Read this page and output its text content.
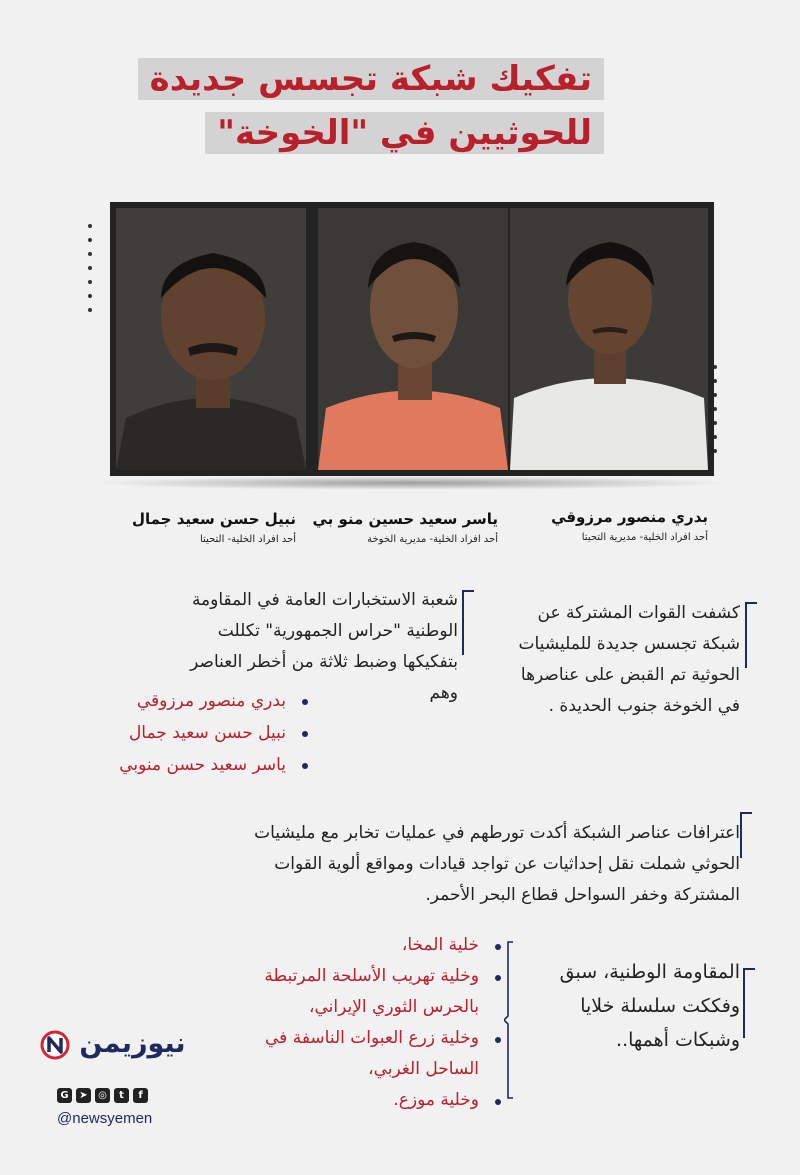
تفكيك شبكة تجسس جديدة
للحوثيين في "الخوخة"
بدري منصور مرزوقي
أحد افراد الخلية- مديرية التحيتا
ياسر سعيد حسين منو بي
أحد افراد الخلية- مديرية الخوخة
نبيل حسن سعيد جمال
أحد افراد الخلية- التحيتا
كشفت القوات المشتركة عن شبكة تجسس جديدة للمليشيات الحوثية تم القبض على عناصرها في الخوخة جنوب الحديدة .
شعبة الاستخبارات العامة في المقاومة الوطنية "حراس الجمهورية" تكللت بتفكيكها وضبط ثلاثة من أخطر العناصر وهم
بدري منصور مرزوقي
نبيل حسن سعيد جمال
ياسر سعيد حسن منوبي
اعترافات عناصر الشبكة أكدت تورطهم في عمليات تخابر مع مليشيات الحوثي شملت نقل إحداثيات عن تواجد قيادات ومواقع ألوية القوات المشتركة وخفر السواحل قطاع البحر الأحمر.
المقاومة الوطنية، سبق وفككت سلسلة خلايا وشبكات أهمها..
خلية المخا،
وخلية تهريب الأسلحة المرتبطة بالحرس الثوري الإيراني،
وخلية زرع العبوات الناسفة في الساحل الغربي،
وخلية موزع.
نيوزيمن
G	➤	◎	t	f
@newsyemen
